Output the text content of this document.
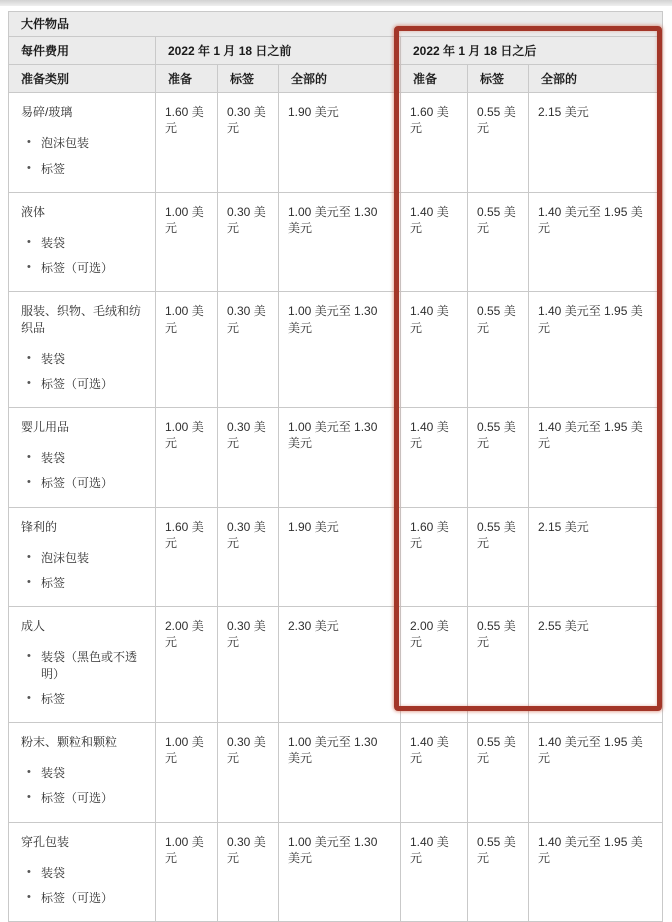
大件物品						
每件费用	2022 年 1 月 18 日之前			2022 年 1 月 18 日之后		
准备类别	准备	标签	全部的	准备	标签	全部的

易碎/玻璃
• 泡沫包装
• 标签
	1.60 美元	0.30 美元	1.90 美元	1.60 美元	0.55 美元	2.15 美元

液体
• 装袋
• 标签（可选）
	1.00 美元	0.30 美元	1.00 美元至 1.30 美元	1.40 美元	0.55 美元	1.40 美元至 1.95 美元

服装、织物、毛绒和纺织品
• 装袋
• 标签（可选）
	1.00 美元	0.30 美元	1.00 美元至 1.30 美元	1.40 美元	0.55 美元	1.40 美元至 1.95 美元

婴儿用品
• 装袋
• 标签（可选）
	1.00 美元	0.30 美元	1.00 美元至 1.30 美元	1.40 美元	0.55 美元	1.40 美元至 1.95 美元

锋利的
• 泡沫包装
• 标签
	1.60 美元	0.30 美元	1.90 美元	1.60 美元	0.55 美元	2.15 美元

成人
• 装袋（黑色或不透明）
• 标签
	2.00 美元	0.30 美元	2.30 美元	2.00 美元	0.55 美元	2.55 美元

粉末、颗粒和颗粒
• 装袋
• 标签（可选）
	1.00 美元	0.30 美元	1.00 美元至 1.30 美元	1.40 美元	0.55 美元	1.40 美元至 1.95 美元

穿孔包装
• 装袋
• 标签（可选）
	1.00 美元	0.30 美元	1.00 美元至 1.30 美元	1.40 美元	0.55 美元	1.40 美元至 1.95 美元
